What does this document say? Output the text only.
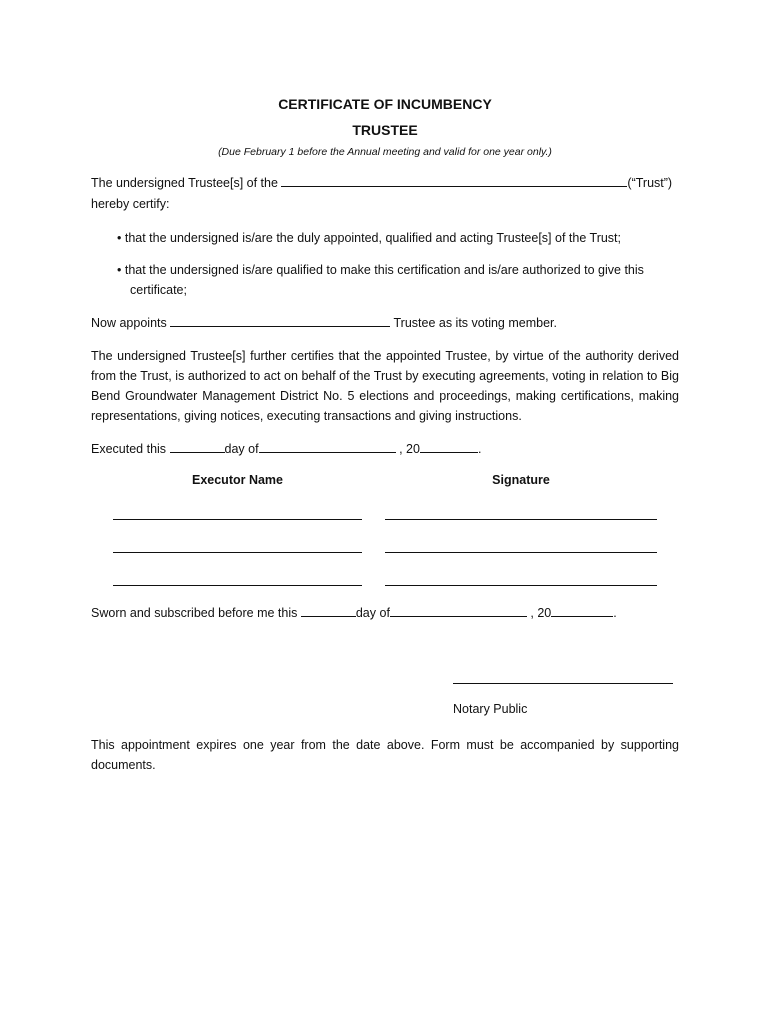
CERTIFICATE OF INCUMBENCY
TRUSTEE
(Due February 1 before the Annual meeting and valid for one year only.)
The undersigned Trustee[s] of the	(“Trust”)
hereby certify:
• that the undersigned is/are the duly appointed, qualified and acting Trustee[s] of the Trust;
• that the undersigned is/are qualified to make this certification and is/are authorized to give this
certificate;
Now appoints	Trustee as its voting member.
The undersigned Trustee[s] further certifies that the appointed Trustee, by virtue of the authority derived from the Trust, is authorized to act on behalf of the Trust by executing agreements, voting in relation to Big Bend Groundwater Management District No. 5 elections and proceedings, making certifications, making representations, giving notices, executing transactions and giving instructions.
Executed this	day of	, 20	.
Executor Name	Signature
Sworn and subscribed before me this	day of	, 20	.
Notary Public
This appointment expires one year from the date above. Form must be accompanied by supporting documents.
